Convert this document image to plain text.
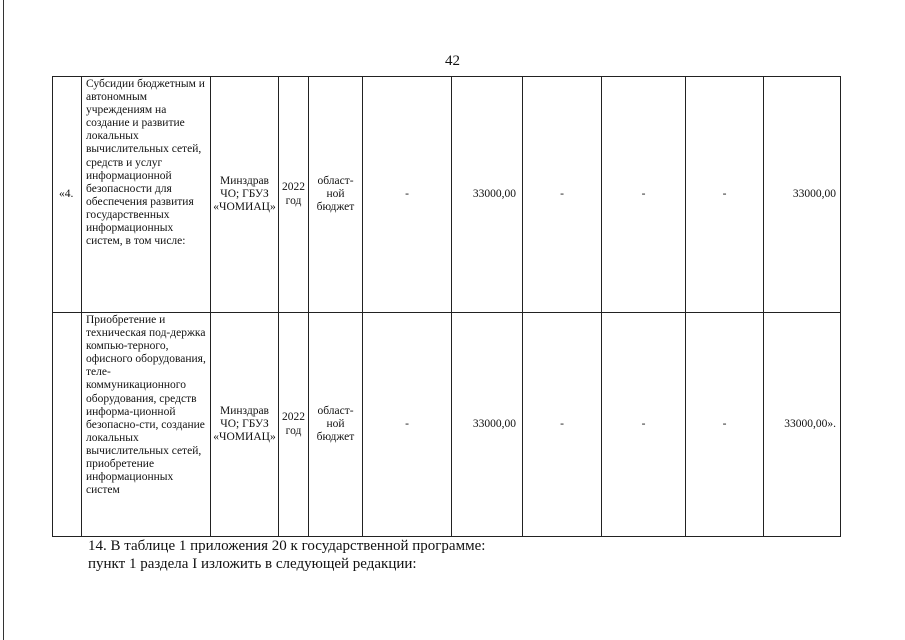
42
«4.	Субсидии бюджетным и автономным учреждениям на создание и развитие локальных вычислительных сетей, средств и услуг информационной безопасности для обеспечения развития государственных информационных систем, в том числе:	Минздрав ЧО; ГБУЗ «ЧОМИАЦ»	2022 год	област-ной бюджет	-	33000,00	-	-	-	33000,00
	Приобретение и техническая под-держка компью-терного, офисного оборудования, теле-коммуникационного оборудования, средств информа-ционной безопасно-сти, создание локальных вычислительных сетей, приобретение информационных систем	Минздрав ЧО; ГБУЗ «ЧОМИАЦ»	2022 год	област-ной бюджет	-	33000,00	-	-	-	33000,00».
14. В таблице 1 приложения 20 к государственной программе:
пункт 1 раздела I изложить в следующей редакции:
